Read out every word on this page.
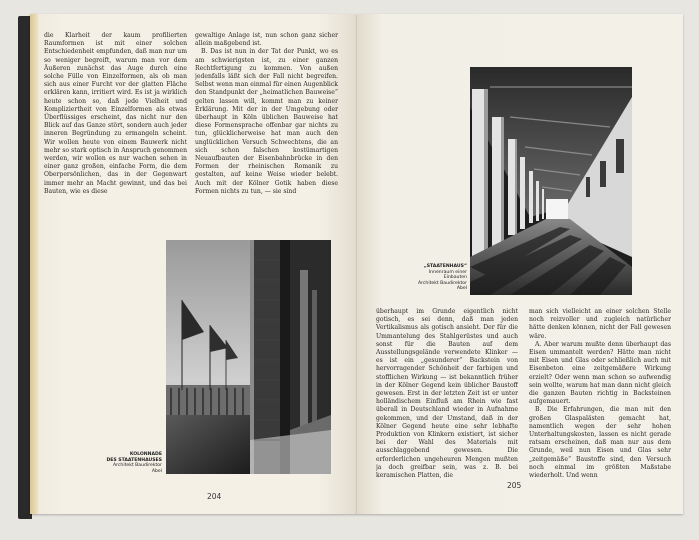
die Klarheit der kaum profilierten Raumformen ist mit einer solchen Entschiedenheit empfunden, daß man nur um so weniger begreift, warum man vor dem Äußeren zunächst das Auge durch eine solche Fülle von Einzelformen, als ob man sich aus einer Furcht vor der glatten Fläche erklären kann, irritiert wird. Es ist ja wirklich heute schon so, daß jede Vielheit und Kompliziertheit von Einzelformen als etwas Überflüssiges erscheint, das nicht nur den Blick auf das Ganze stört, sondern auch jeder inneren Begründung zu ermangeln scheint. Wir wollen heute von einem Bauwerk nicht mehr so stark optisch in Anspruch genommen werden, wir wollen es nur wachen sehen in einer ganz großen, einfache Form, die dem Oberpersönlichen, das in der Gegenwart immer mehr an Macht gewinnt, und das bei Bauten, wie es diese

gewaltige Anlage ist, nun schon ganz sicher allein maßgebend ist.

B. Das ist nun in der Tat der Punkt, wo es am schwierigsten ist, zu einer ganzen Rechtfertigung zu kommen. Von außen jedenfalls läßt sich der Fall nicht begreifen. Selbst wenn man einmal für einen Augenblick den Standpunkt der „heimatlichen Bauweise“ gelten lassen will, kommt man zu keiner Erklärung. Mit der in der Umgebung oder überhaupt in Köln üblichen Bauweise hat diese Formensprache offenbar gar nichts zu tun, glücklicherweise hat man auch den unglücklichen Versuch Schwechtens, die an sich schon falschen kostümartigen Neuaufbauten der Eisenbahnbrücke in den Formen der rheinischen Romanik zu gestalten, auf keine Weise wieder belebt. Auch mit der Kölner Gotik haben diese Formen nichts zu tun, — sie sind

KOLONNADE
DES STAATENHAUSES
Architekt Baudirektor Abel
204
„STAATENHAUS“
Innenraum einer Einbauten
Architekt Baudirektor Abel

überhaupt im Grunde eigentlich nicht gotisch, es sei denn, daß man jeden Vertikalismus als gotisch ansieht. Der für die Ummantelung des Stahlgerüstes und auch sonst für die Bauten auf dem Ausstellungsgelände verwendete Klinker — es ist ein „gesunderer“ Backstein von hervorragender Schönheit der farbigen und stofflichen Wirkung — ist bekanntlich früher in der Kölner Gegend kein üblicher Baustoff gewesen. Erst in der letzten Zeit ist er unter holländischem Einfluß am Rhein wie fast überall in Deutschland wieder in Aufnahme gekommen, und der Umstand, daß in der Kölner Gegend heute eine sehr lebhafte Produktion von Klinkern existiert, ist sicher bei der Wahl des Materials mit ausschlaggebend gewesen. Die erforderlichen ungeheuren Mengen mußten ja doch greifbar sein, was z. B. bei keramischen Platten, die

man sich vielleicht an einer solchen Stelle noch reizvoller und zugleich natürlicher hätte denken können, nicht der Fall gewesen wäre.

A. Aber warum mußte denn überhaupt das Eisen ummantelt werden? Hätte man nicht mit Eisen und Glas oder schließlich auch mit Eisenbeton eine zeitgemäßere Wirkung erzielt? Oder wenn man schon so aufwendig sein wollte, warum hat man dann nicht gleich die ganzen Bauten richtig in Backsteinen aufgemauert.

B. Die Erfahrungen, die man mit den großen Glaspalästen gemacht hat, namentlich wegen der sehr hohen Unterhaltungskosten, lassen es nicht gerade ratsam erscheinen, daß man nur aus dem Grunde, weil nun Eisen und Glas sehr „zeitgemäße“ Baustoffe sind, den Versuch noch einmal im größten Maßstabe wiederholt. Und wenn

205
